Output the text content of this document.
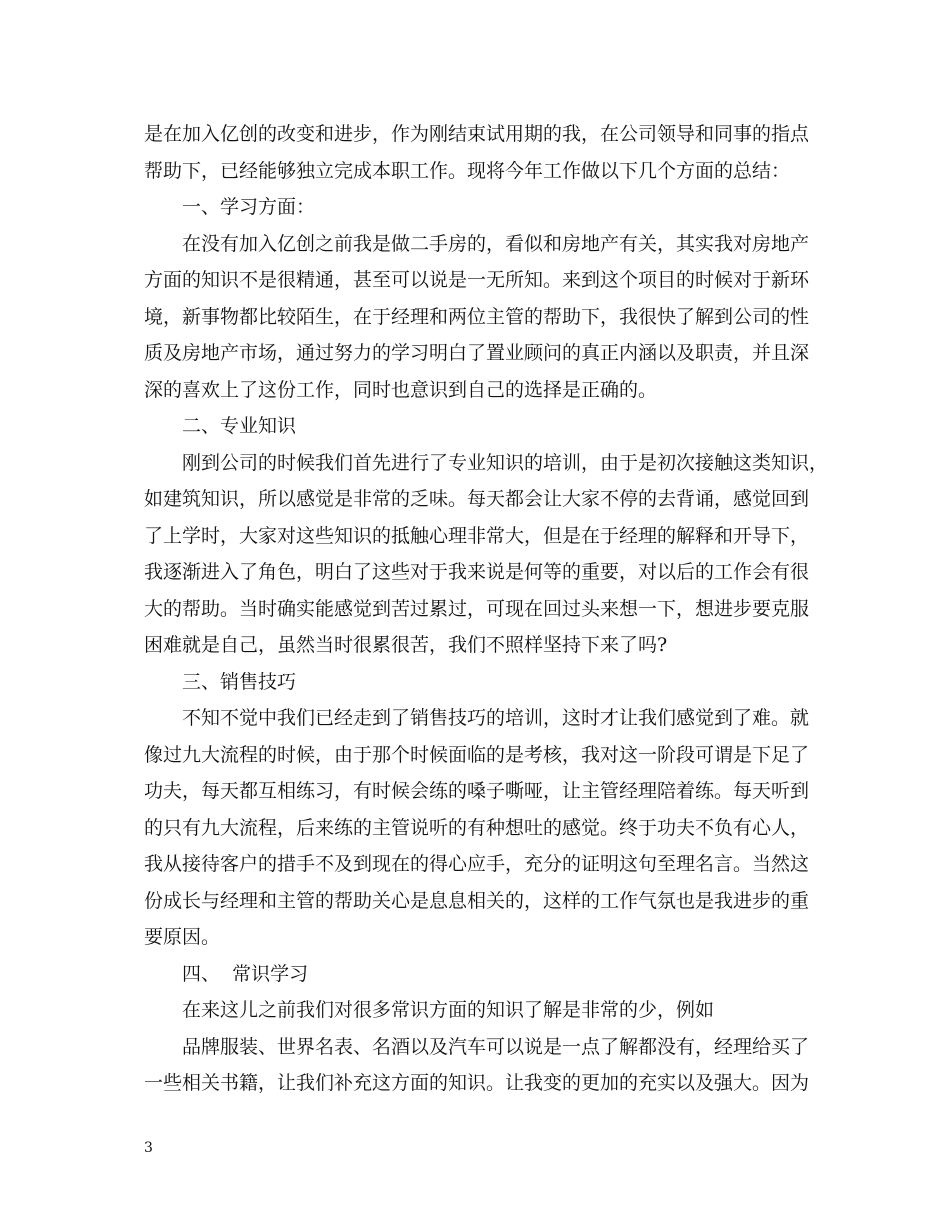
是在加入亿创的改变和进步，作为刚结束试用期的我，在公司领导和同事的指点
帮助下，已经能够独立完成本职工作。现将今年工作做以下几个方面的总结：
一、学习方面：
在没有加入亿创之前我是做二手房的，看似和房地产有关，其实我对房地产
方面的知识不是很精通，甚至可以说是一无所知。来到这个项目的时候对于新环
境，新事物都比较陌生，在于经理和两位主管的帮助下，我很快了解到公司的性
质及房地产市场，通过努力的学习明白了置业顾问的真正内涵以及职责，并且深
深的喜欢上了这份工作，同时也意识到自己的选择是正确的。
二、专业知识
刚到公司的时候我们首先进行了专业知识的培训，由于是初次接触这类知识，
如建筑知识，所以感觉是非常的乏味。每天都会让大家不停的去背诵，感觉回到
了上学时，大家对这些知识的抵触心理非常大，但是在于经理的解释和开导下，
我逐渐进入了角色，明白了这些对于我来说是何等的重要，对以后的工作会有很
大的帮助。当时确实能感觉到苦过累过，可现在回过头来想一下，想进步要克服
困难就是自己，虽然当时很累很苦，我们不照样坚持下来了吗?
三、销售技巧
不知不觉中我们已经走到了销售技巧的培训，这时才让我们感觉到了难。就
像过九大流程的时候，由于那个时候面临的是考核，我对这一阶段可谓是下足了
功夫，每天都互相练习，有时候会练的嗓子嘶哑，让主管经理陪着练。每天听到
的只有九大流程，后来练的主管说听的有种想吐的感觉。终于功夫不负有心人，
我从接待客户的措手不及到现在的得心应手，充分的证明这句至理名言。当然这
份成长与经理和主管的帮助关心是息息相关的，这样的工作气氛也是我进步的重
要原因。
四、  常识学习
在来这儿之前我们对很多常识方面的知识了解是非常的少，例如
品牌服装、世界名表、名酒以及汽车可以说是一点了解都没有，经理给买了
一些相关书籍，让我们补充这方面的知识。让我变的更加的充实以及强大。因为
3
